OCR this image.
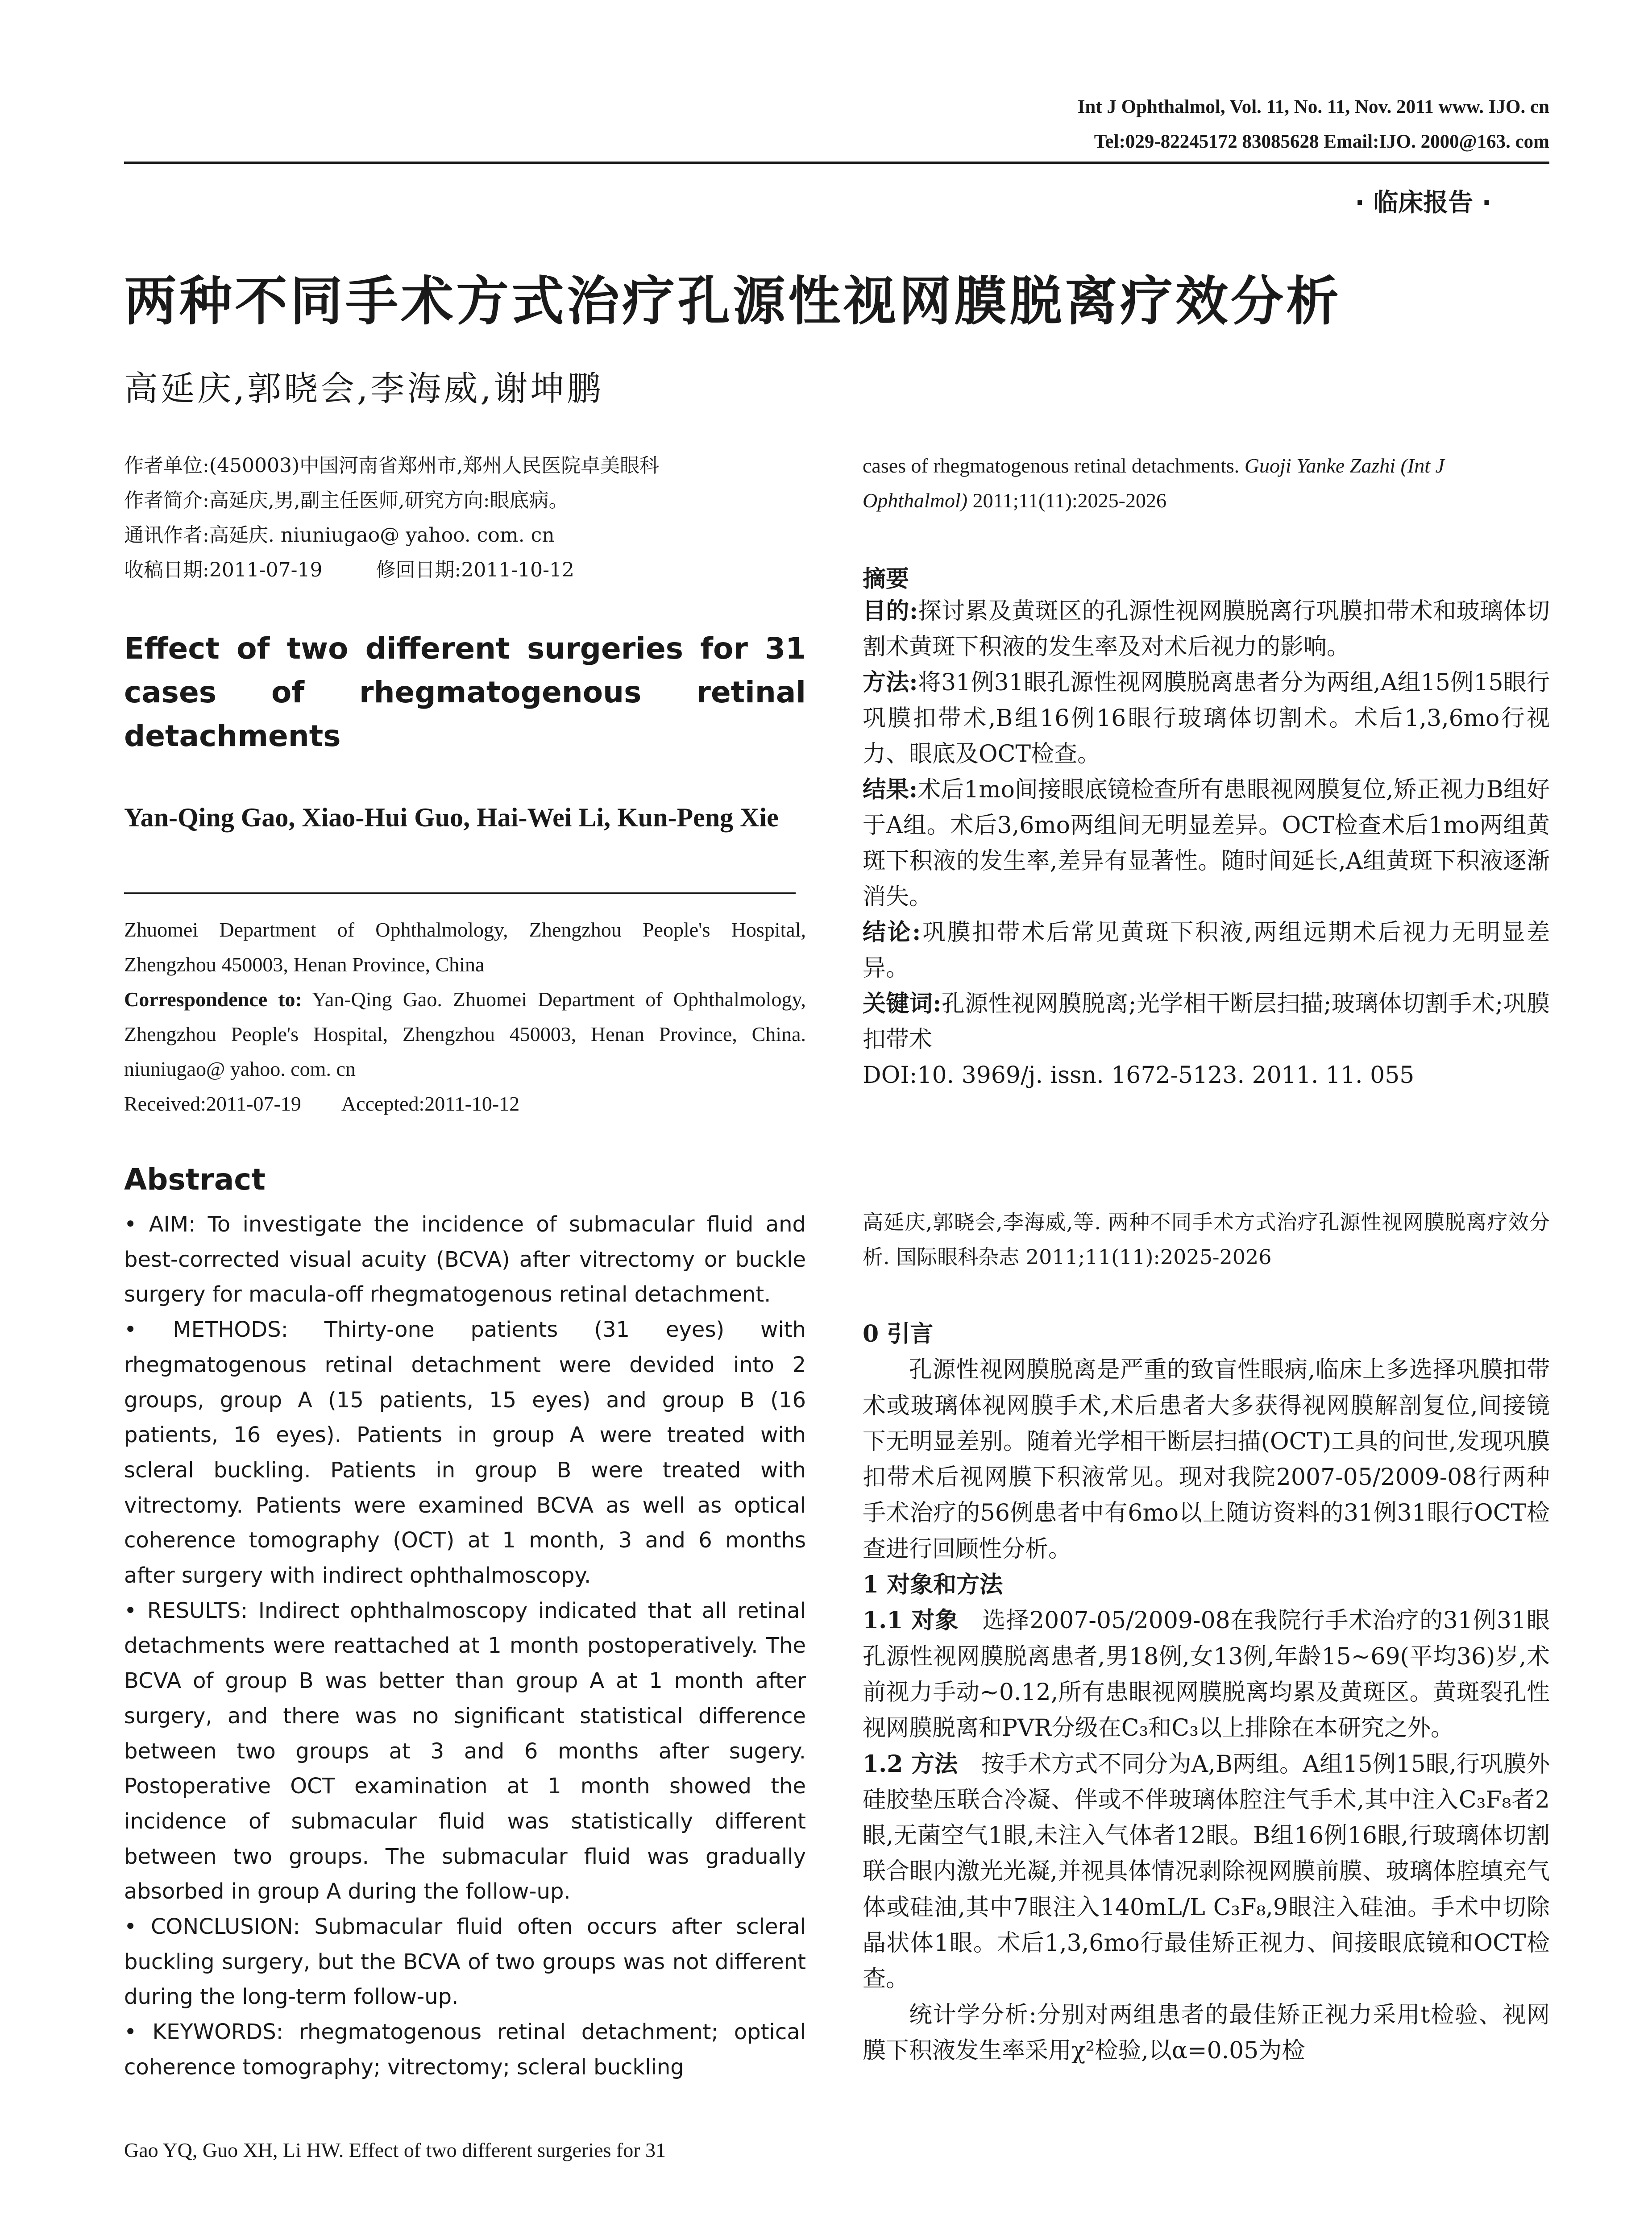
Int J Ophthalmol, Vol. 11, No. 11, Nov. 2011 www. IJO. cn
Tel:029-82245172 83085628 Email:IJO. 2000@163. com
· 临床报告 ·
两种不同手术方式治疗孔源性视网膜脱离疗效分析
高延庆,郭晓会,李海威,谢坤鹏

作者单位:(450003)中国河南省郑州市,郑州人民医院卓美眼科

作者简介:高延庆,男,副主任医师,研究方向:眼底病。

通讯作者:高延庆. niuniugao@ yahoo. com. cn

收稿日期:2011-07-19	修回日期:2011-10-12

Effect of two different surgeries for 31 cases of rhegmatogenous retinal detachments
Yan-Qing Gao, Xiao-Hui Guo, Hai-Wei Li, Kun-Peng Xie

Zhuomei Department of Ophthalmology, Zhengzhou People's Hospital, Zhengzhou 450003, Henan Province, China

Correspondence to: Yan-Qing Gao. Zhuomei Department of Ophthalmology, Zhengzhou People's Hospital, Zhengzhou 450003, Henan Province, China. niuniugao@ yahoo. com. cn

Received:2011-07-19 Accepted:2011-10-12

Abstract

• AIM: To investigate the incidence of submacular fluid and best-corrected visual acuity (BCVA) after vitrectomy or buckle surgery for macula-off rhegmatogenous retinal detachment.

• METHODS: Thirty-one patients (31 eyes) with rhegmatogenous retinal detachment were devided into 2 groups, group A (15 patients, 15 eyes) and group B (16 patients, 16 eyes). Patients in group A were treated with scleral buckling. Patients in group B were treated with vitrectomy. Patients were examined BCVA as well as optical coherence tomography (OCT) at 1 month, 3 and 6 months after surgery with indirect ophthalmoscopy.

• RESULTS: Indirect ophthalmoscopy indicated that all retinal detachments were reattached at 1 month postoperatively. The BCVA of group B was better than group A at 1 month after surgery, and there was no significant statistical difference between two groups at 3 and 6 months after sugery. Postoperative OCT examination at 1 month showed the incidence of submacular fluid was statistically different between two groups. The submacular fluid was gradually absorbed in group A during the follow-up.

• CONCLUSION: Submacular fluid often occurs after scleral buckling surgery, but the BCVA of two groups was not different during the long-term follow-up.

• KEYWORDS: rhegmatogenous retinal detachment; optical coherence tomography; vitrectomy; scleral buckling

Gao YQ, Guo XH, Li HW. Effect of two different surgeries for 31
cases of rhegmatogenous retinal detachments. Guoji Yanke Zazhi (Int J Ophthalmol) 2011;11(11):2025-2026
摘要

目的:探讨累及黄斑区的孔源性视网膜脱离行巩膜扣带术和玻璃体切割术黄斑下积液的发生率及对术后视力的影响。

方法:将31例31眼孔源性视网膜脱离患者分为两组,A组15例15眼行巩膜扣带术,B组16例16眼行玻璃体切割术。术后1,3,6mo行视力、眼底及OCT检查。

结果:术后1mo间接眼底镜检查所有患眼视网膜复位,矫正视力B组好于A组。术后3,6mo两组间无明显差异。OCT检查术后1mo两组黄斑下积液的发生率,差异有显著性。随时间延长,A组黄斑下积液逐渐消失。

结论:巩膜扣带术后常见黄斑下积液,两组远期术后视力无明显差异。

关键词:孔源性视网膜脱离;光学相干断层扫描;玻璃体切割手术;巩膜扣带术

DOI:10. 3969/j. issn. 1672-5123. 2011. 11. 055

高延庆,郭晓会,李海威,等. 两种不同手术方式治疗孔源性视网膜脱离疗效分析. 国际眼科杂志 2011;11(11):2025-2026

0 引言

孔源性视网膜脱离是严重的致盲性眼病,临床上多选择巩膜扣带术或玻璃体视网膜手术,术后患者大多获得视网膜解剖复位,间接镜下无明显差别。随着光学相干断层扫描(OCT)工具的问世,发现巩膜扣带术后视网膜下积液常见。现对我院2007-05/2009-08行两种手术治疗的56例患者中有6mo以上随访资料的31例31眼行OCT检查进行回顾性分析。

1 对象和方法

1.1 对象　选择2007-05/2009-08在我院行手术治疗的31例31眼孔源性视网膜脱离患者,男18例,女13例,年龄15~69(平均36)岁,术前视力手动~0.12,所有患眼视网膜脱离均累及黄斑区。黄斑裂孔性视网膜脱离和PVR分级在C₃和C₃以上排除在本研究之外。

1.2 方法　按手术方式不同分为A,B两组。A组15例15眼,行巩膜外硅胶垫压联合冷凝、伴或不伴玻璃体腔注气手术,其中注入C₃F₈者2眼,无菌空气1眼,未注入气体者12眼。B组16例16眼,行玻璃体切割联合眼内激光光凝,并视具体情况剥除视网膜前膜、玻璃体腔填充气体或硅油,其中7眼注入140mL/L C₃F₈,9眼注入硅油。手术中切除晶状体1眼。术后1,3,6mo行最佳矫正视力、间接眼底镜和OCT检查。

统计学分析:分别对两组患者的最佳矫正视力采用t检验、视网膜下积液发生率采用χ²检验,以α=0.05为检
